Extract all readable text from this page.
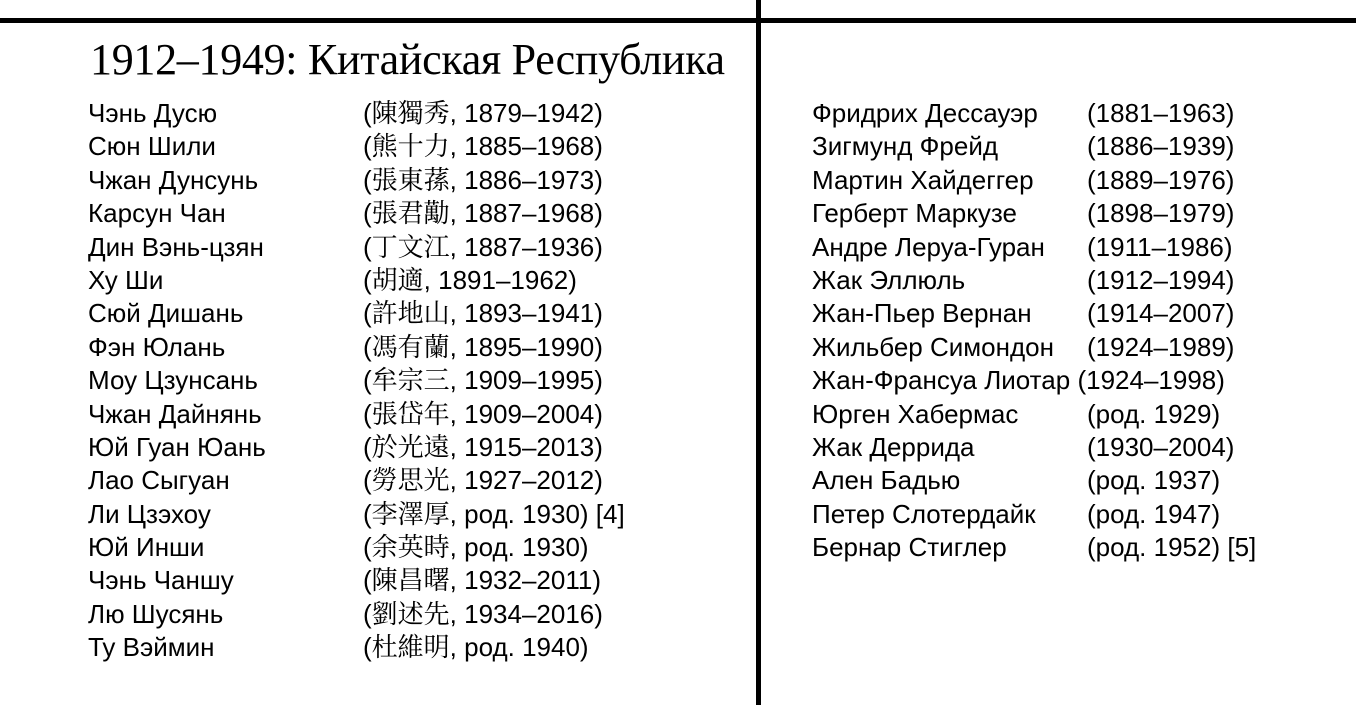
1912–1949: Китайская Республика
Чэнь Дусю	(陳獨秀, 1879–1942)
Сюн Шили	(熊十力, 1885–1968)
Чжан Дунсунь	(張東蓀, 1886–1973)
Карсун Чан	(張君勱, 1887–1968)
Дин Вэнь-цзян	(丁文江, 1887–1936)
Ху Ши	(胡適, 1891–1962)
Сюй Дишань	(許地山, 1893–1941)
Фэн Юлань	(馮有蘭, 1895–1990)
Моу Цзунсань	(牟宗三, 1909–1995)
Чжан Дайнянь	(張岱年, 1909–2004)
Юй Гуан Юань	(於光遠, 1915–2013)
Лао Сыгуан	(勞思光, 1927–2012)
Ли Цзэхоу	(李澤厚, род. 1930) [4]
Юй Инши	(余英時, род. 1930)
Чэнь Чаншу	(陳昌曙, 1932–2011)
Лю Шусянь	(劉述先, 1934–2016)
Ту Вэймин	(杜維明, род. 1940)
Фридрих Дессауэр (1881–1963)
Зигмунд Фрейд	(1886–1939)
Мартин Хайдеггер (1889–1976)
Герберт Маркузе	(1898–1979)
Андре Леруа-Гуран (1911–1986)
Жак Эллюль	(1912–1994)
Жан-Пьер Вернан (1914–2007)
Жильбер Симондон (1924–1989)
Жан-Франсуа Лиотар (1924–1998)
Юрген Хабермас	(род. 1929)
Жак Деррида	(1930–2004)
Ален Бадью	(род. 1937)
Петер Слотердайк (род. 1947)
Бернар Стиглер	(род. 1952) [5]
